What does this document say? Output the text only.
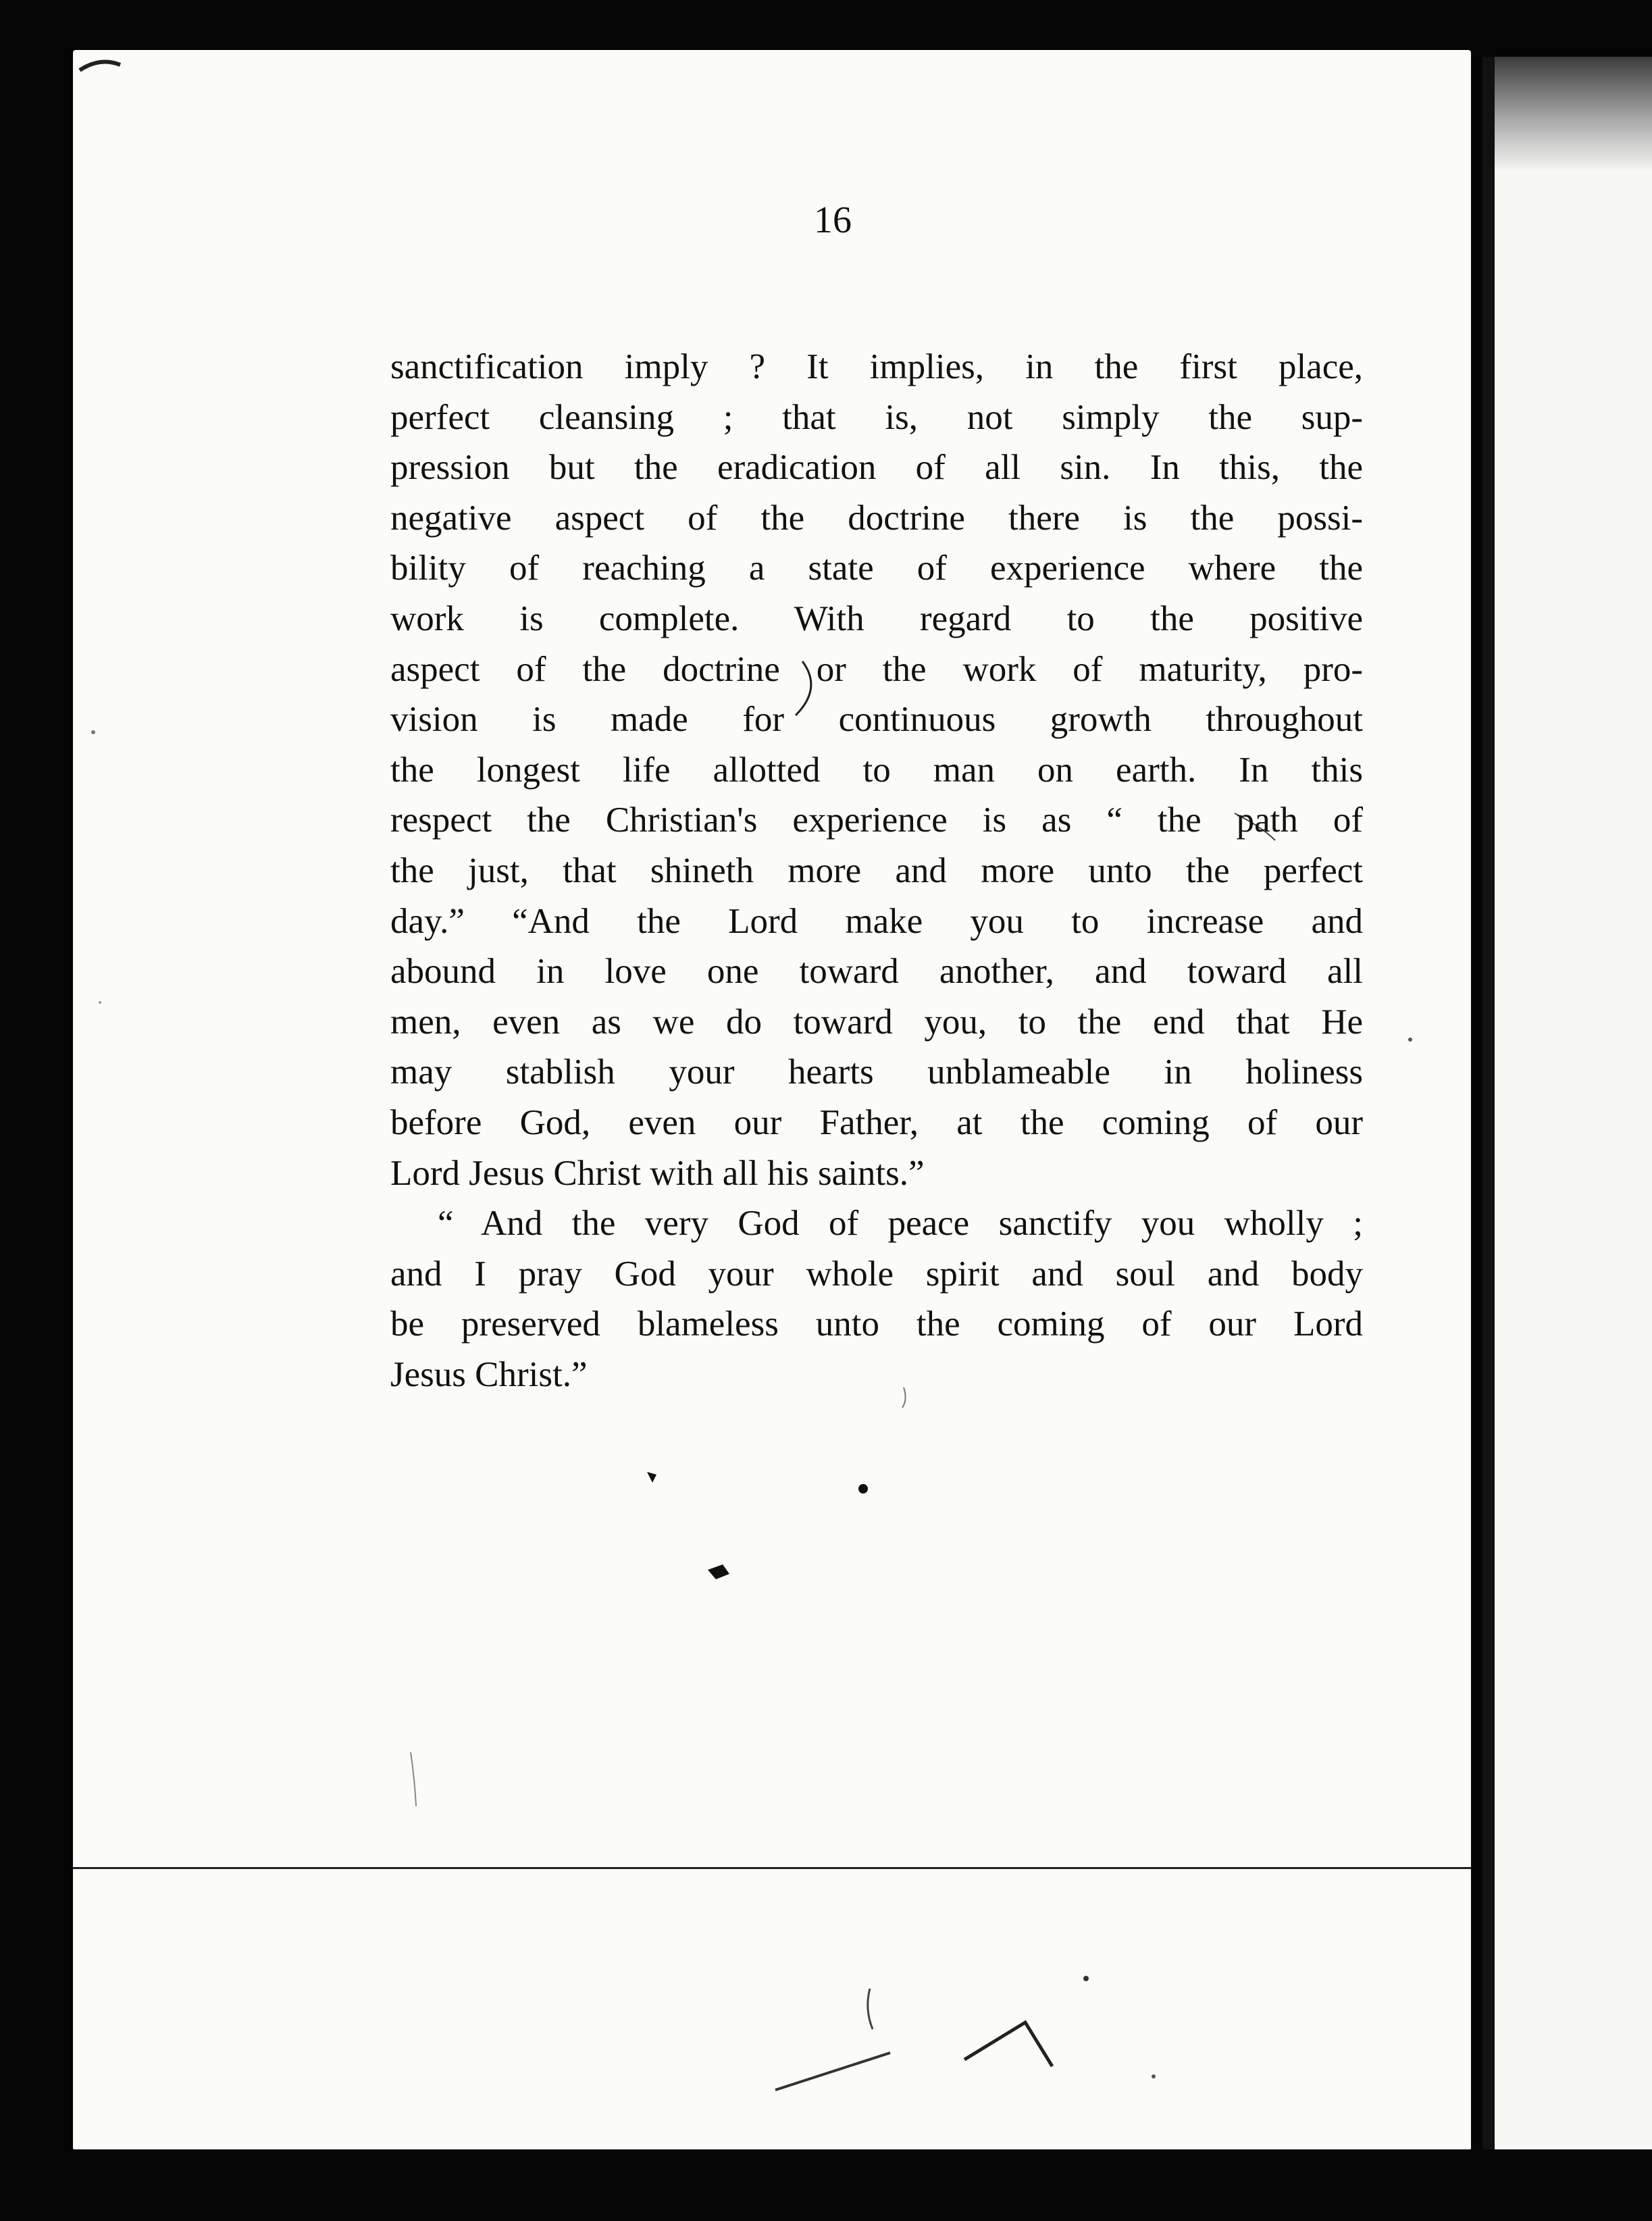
16
sanctification imply ? It implies, in the first place,
perfect cleansing ; that is, not simply the sup-
pression but the eradication of all sin. In this, the
negative aspect of the doctrine there is the possi-
bility of reaching a state of experience where the
work is complete. With regard to the positive
aspect of the doctrine or the work of maturity, pro-
vision is made for continuous growth throughout
the longest life allotted to man on earth. In this
respect the Christian's experience is as “ the path of
the just, that shineth more and more unto the perfect
day.” “And the Lord make you to increase and
abound in love one toward another, and toward all
men, even as we do toward you, to the end that He
may stablish your hearts unblameable in holiness
before God, even our Father, at the coming of our
Lord Jesus Christ with all his saints.”
“ And the very God of peace sanctify you wholly ;
and I pray God your whole spirit and soul and body
be preserved blameless unto the coming of our Lord
Jesus Christ.”
